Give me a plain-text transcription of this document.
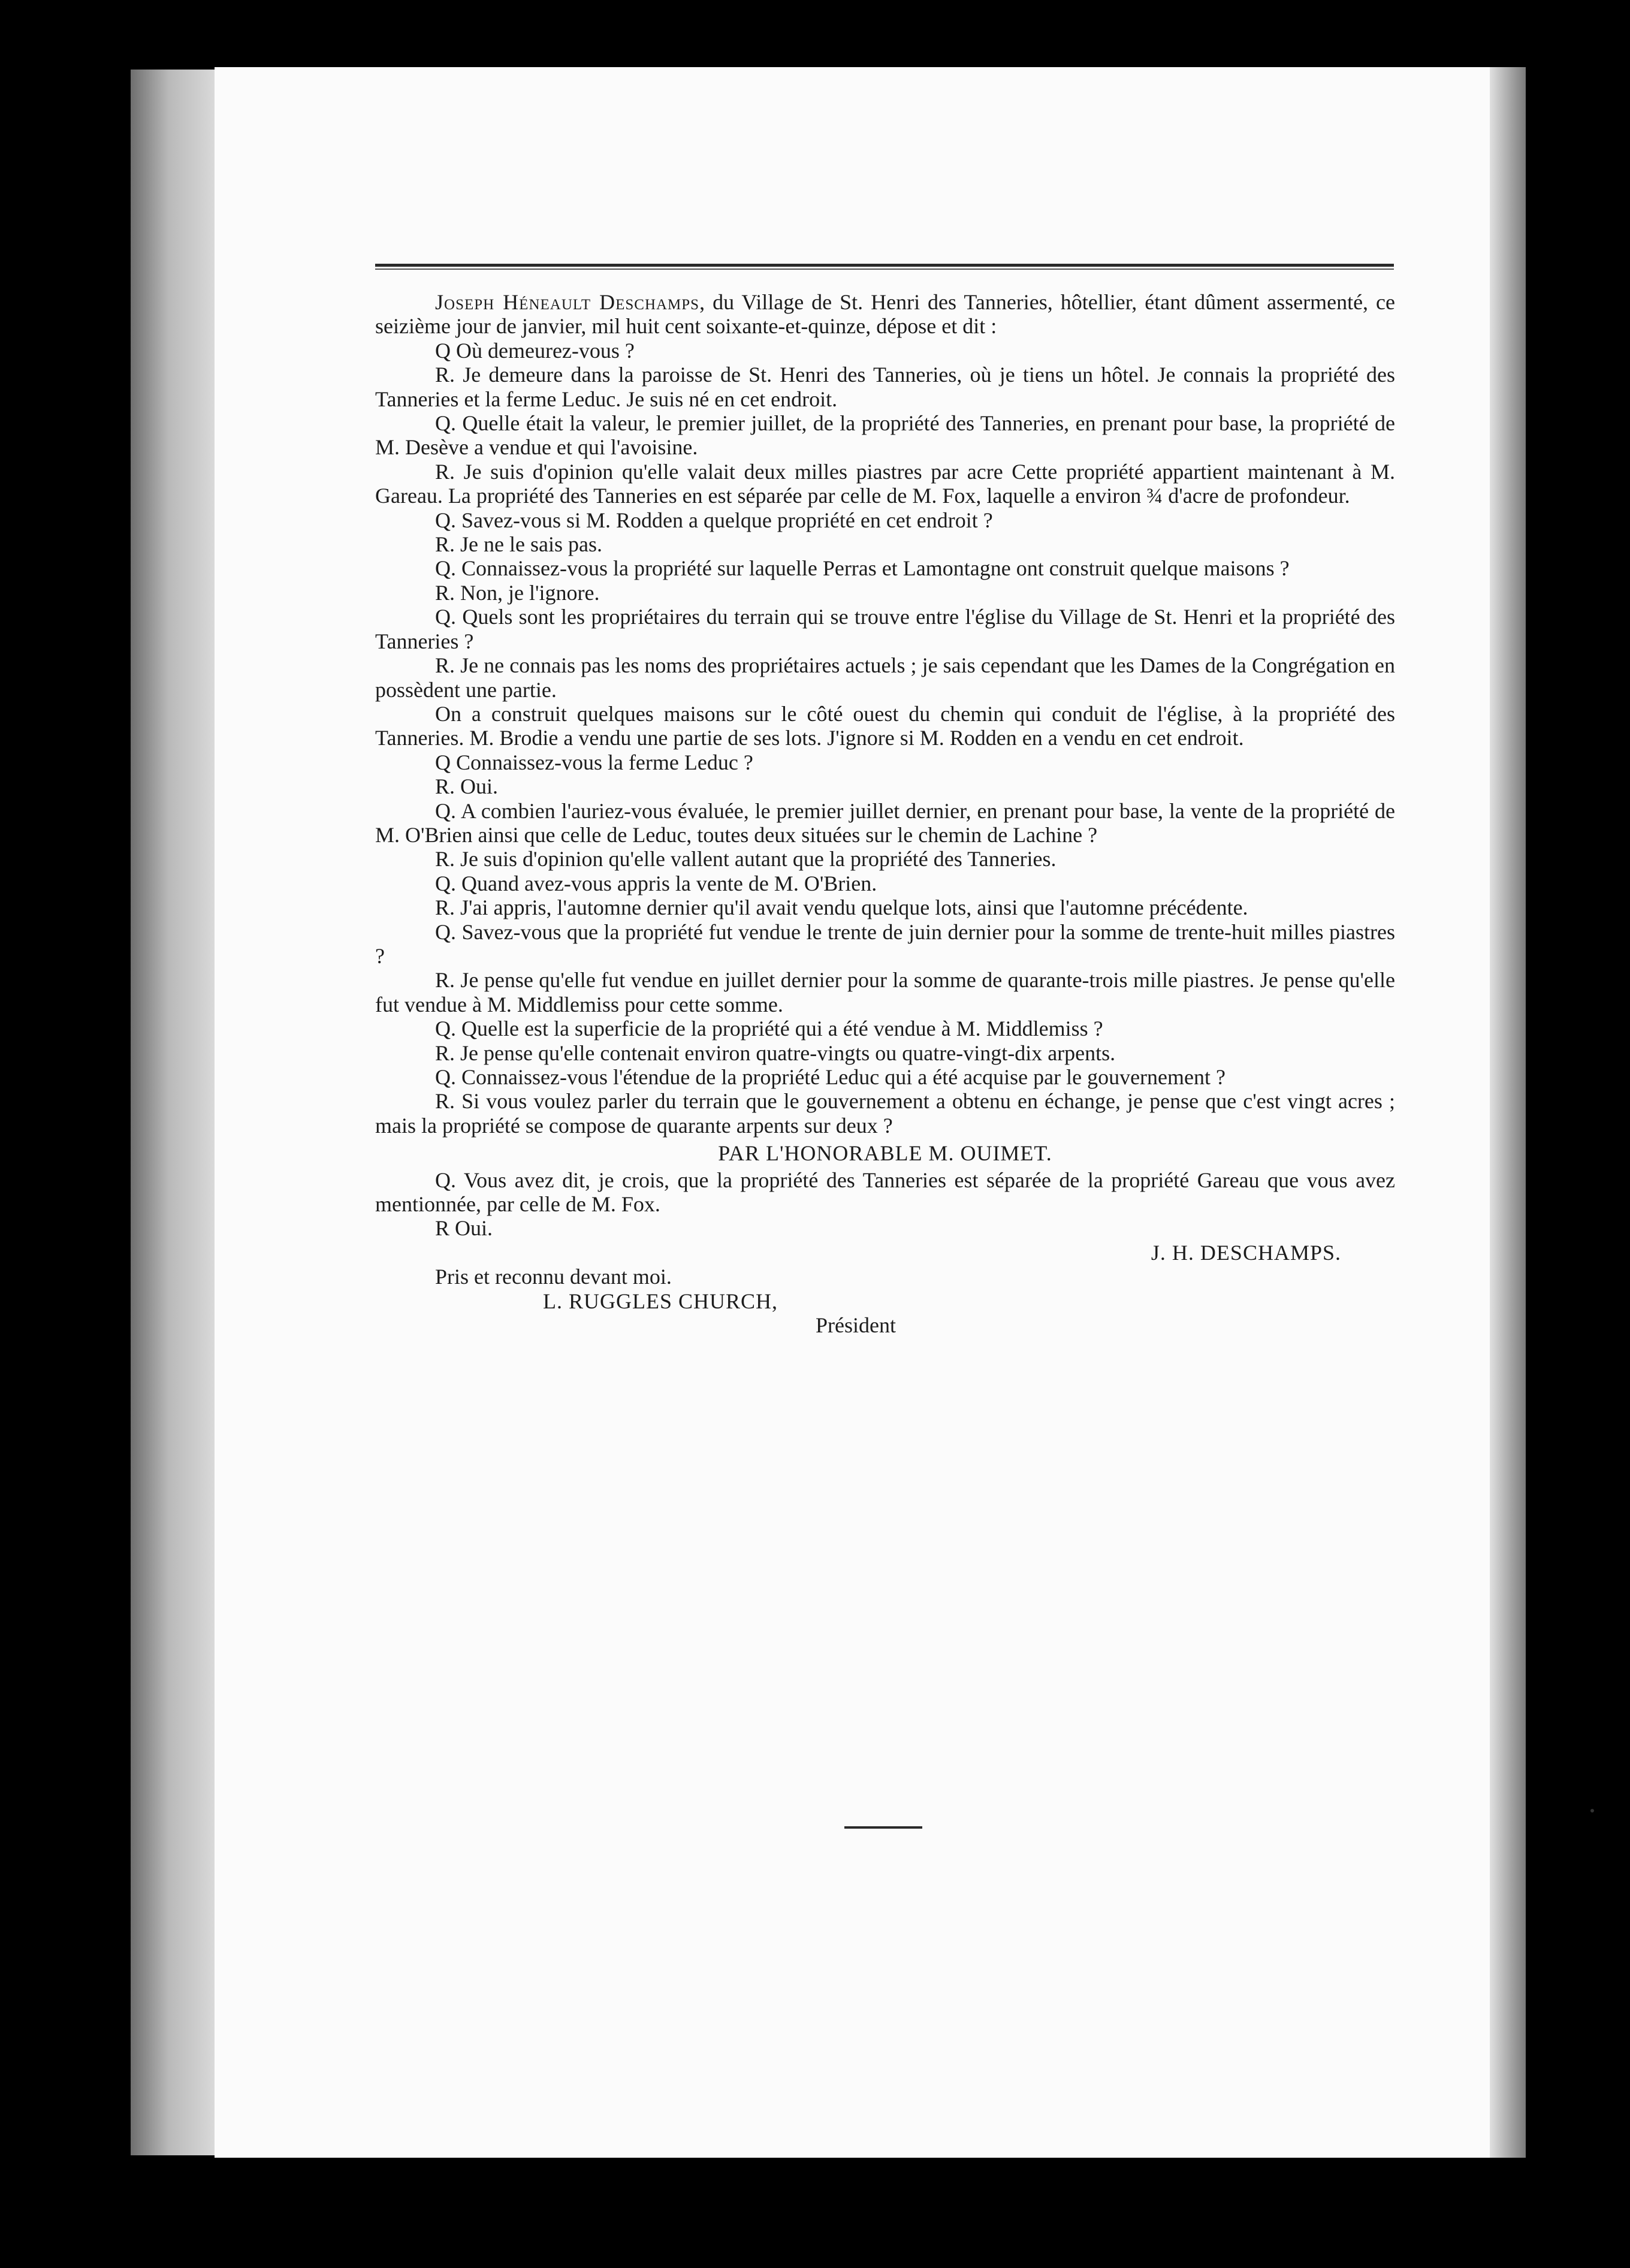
Joseph Héneault Deschamps, du Village de St. Henri des Tanneries, hôtellier, étant dûment assermenté, ce seizième jour de janvier, mil huit cent soixante-et-quinze, dépose et dit :

Q Où demeurez-vous ?

R. Je demeure dans la paroisse de St. Henri des Tanneries, où je tiens un hôtel. Je connais la propriété des Tanneries et la ferme Leduc. Je suis né en cet endroit.

Q. Quelle était la valeur, le premier juillet, de la propriété des Tanneries, en prenant pour base, la propriété de M. Desève a vendue et qui l'avoisine.

R. Je suis d'opinion qu'elle valait deux milles piastres par acre Cette propriété appartient maintenant à M. Gareau. La propriété des Tanneries en est séparée par celle de M. Fox, laquelle a environ ¾ d'acre de profondeur.

Q. Savez-vous si M. Rodden a quelque propriété en cet endroit ?

R. Je ne le sais pas.

Q. Connaissez-vous la propriété sur laquelle Perras et Lamontagne ont construit quelque maisons ?

R. Non, je l'ignore.

Q. Quels sont les propriétaires du terrain qui se trouve entre l'église du Village de St. Henri et la propriété des Tanneries ?

R. Je ne connais pas les noms des propriétaires actuels ; je sais cependant que les Dames de la Congrégation en possèdent une partie.

On a construit quelques maisons sur le côté ouest du chemin qui conduit de l'église, à la propriété des Tanneries. M. Brodie a vendu une partie de ses lots. J'ignore si M. Rodden en a vendu en cet endroit.

Q Connaissez-vous la ferme Leduc ?

R. Oui.

Q. A combien l'auriez-vous évaluée, le premier juillet dernier, en prenant pour base, la vente de la propriété de M. O'Brien ainsi que celle de Leduc, toutes deux situées sur le chemin de Lachine ?

R. Je suis d'opinion qu'elle vallent autant que la propriété des Tanneries.

Q. Quand avez-vous appris la vente de M. O'Brien.

R. J'ai appris, l'automne dernier qu'il avait vendu quelque lots, ainsi que l'automne précédente.

Q. Savez-vous que la propriété fut vendue le trente de juin dernier pour la somme de trente-huit milles piastres ?

R. Je pense qu'elle fut vendue en juillet dernier pour la somme de quarante-trois mille piastres. Je pense qu'elle fut vendue à M. Middlemiss pour cette somme.

Q. Quelle est la superficie de la propriété qui a été vendue à M. Middlemiss ?

R. Je pense qu'elle contenait environ quatre-vingts ou quatre-vingt-dix arpents.

Q. Connaissez-vous l'étendue de la propriété Leduc qui a été acquise par le gouvernement ?

R. Si vous voulez parler du terrain que le gouvernement a obtenu en échange, je pense que c'est vingt acres ; mais la propriété se compose de quarante arpents sur deux ?

PAR L'HONORABLE M. OUIMET.

Q. Vous avez dit, je crois, que la propriété des Tanneries est séparée de la propriété Gareau que vous avez mentionnée, par celle de M. Fox.

R Oui.

J. H. DESCHAMPS.

Pris et reconnu devant moi.

L. RUGGLES CHURCH,

Président
